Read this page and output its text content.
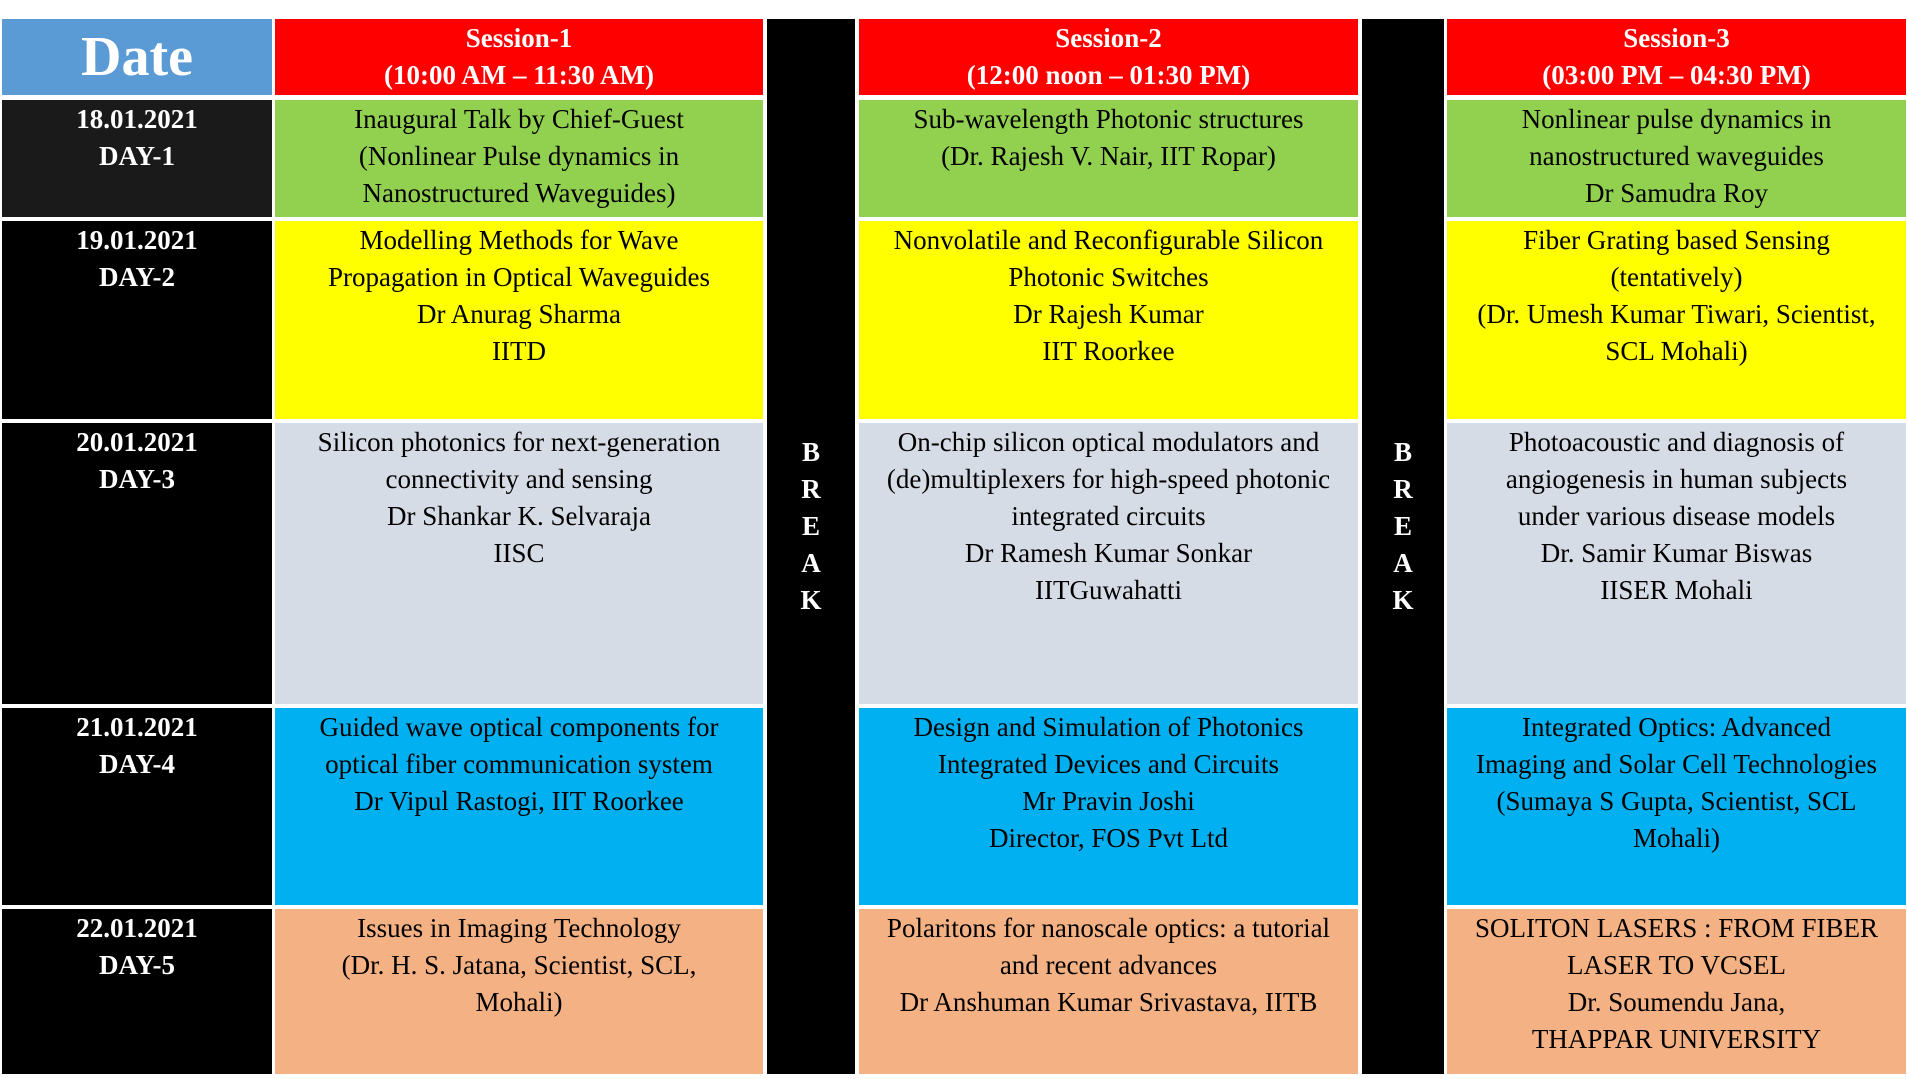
Date	Session-1
(10:00 AM – 11:30 AM)
Session-2
(12:00 noon – 01:30 PM)
Session-3
(03:00 PM – 04:30 PM)
B
R
E
A
K
B
R
E
A
K
18.01.2021
DAY-1
Inaugural Talk by Chief-Guest
(Nonlinear Pulse dynamics in
Nanostructured Waveguides)
Sub-wavelength Photonic structures
(Dr. Rajesh V. Nair, IIT Ropar)
Nonlinear pulse dynamics in
nanostructured waveguides
Dr Samudra Roy
19.01.2021
DAY-2
Modelling Methods for Wave
Propagation in Optical Waveguides
Dr Anurag Sharma
IITD
Nonvolatile and Reconfigurable Silicon
Photonic Switches
Dr Rajesh Kumar
IIT Roorkee
Fiber Grating based Sensing
(tentatively)
(Dr. Umesh Kumar Tiwari, Scientist,
SCL Mohali)
20.01.2021
DAY-3
Silicon photonics for next-generation
connectivity and sensing
Dr Shankar K. Selvaraja
IISC
On-chip silicon optical modulators and
(de)multiplexers for high-speed photonic
integrated circuits
Dr Ramesh Kumar Sonkar
IITGuwahatti
Photoacoustic and diagnosis of
angiogenesis in human subjects
under various disease models
Dr. Samir Kumar Biswas
IISER Mohali
21.01.2021
DAY-4
Guided wave optical components for
optical fiber communication system
Dr Vipul Rastogi, IIT Roorkee
Design and Simulation of Photonics
Integrated Devices and Circuits
Mr Pravin Joshi
Director, FOS Pvt Ltd
Integrated Optics: Advanced
Imaging and Solar Cell Technologies
(Sumaya S Gupta, Scientist, SCL
Mohali)
22.01.2021
DAY-5
Issues in Imaging Technology
(Dr. H. S. Jatana, Scientist, SCL,
Mohali)
Polaritons for nanoscale optics: a tutorial
and recent advances
Dr Anshuman Kumar Srivastava, IITB
SOLITON LASERS : FROM FIBER
LASER TO VCSEL
Dr. Soumendu Jana,
THAPPAR UNIVERSITY
